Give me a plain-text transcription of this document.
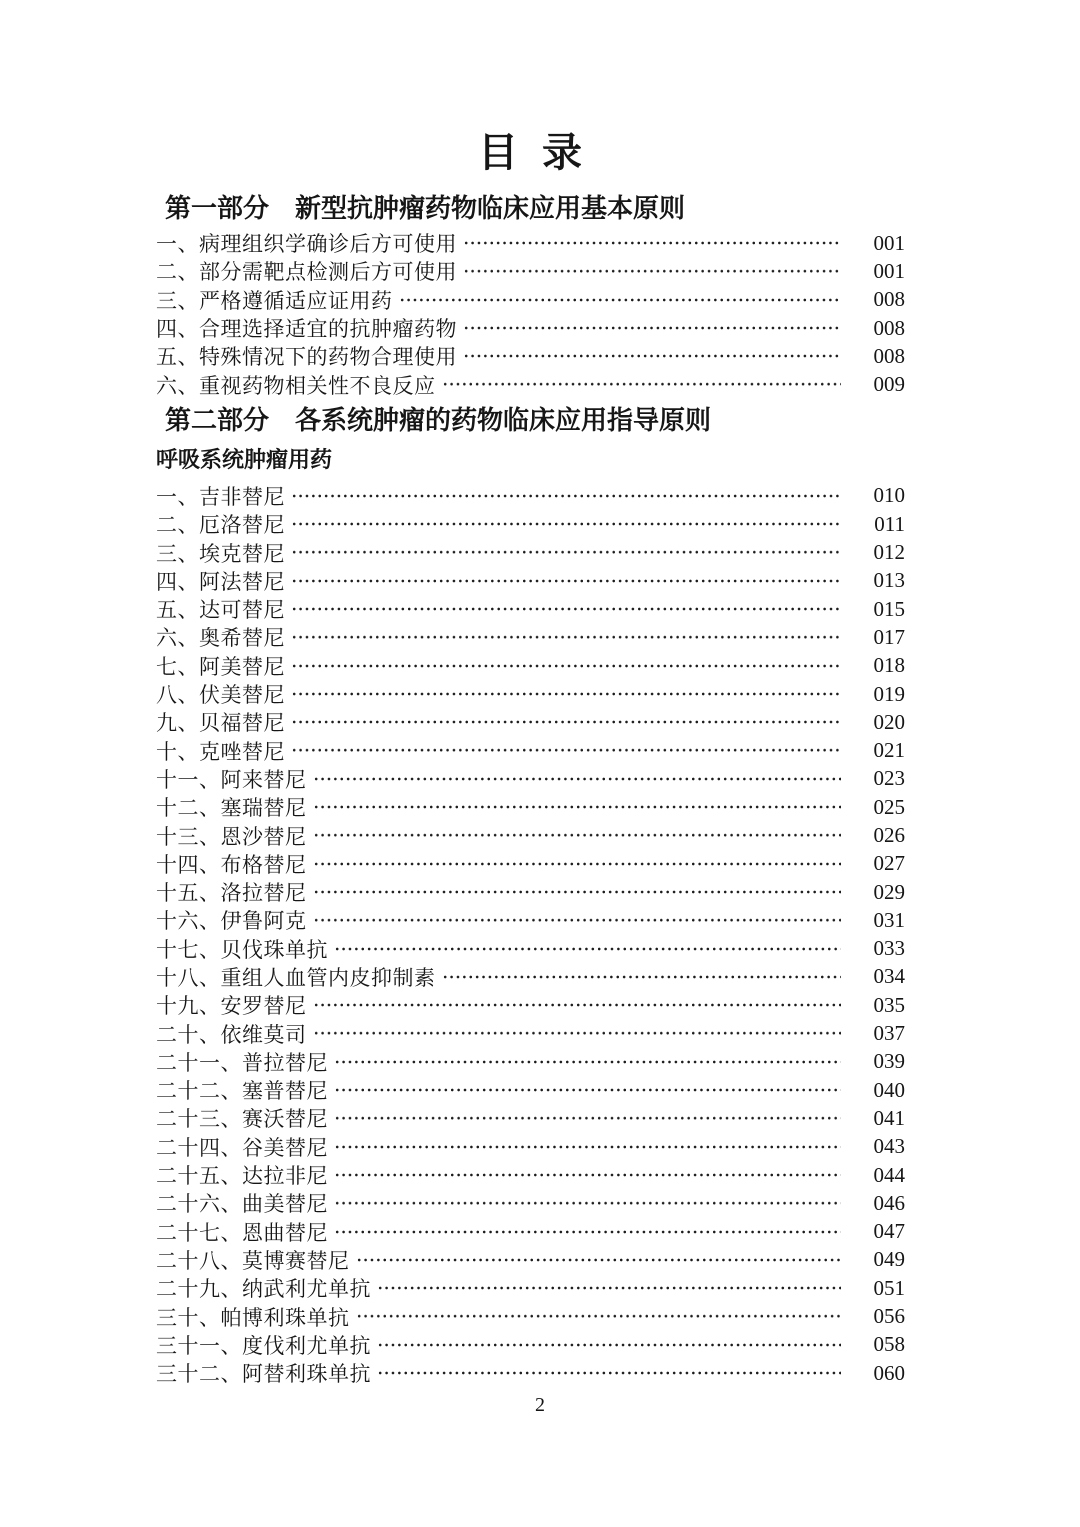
目 录
第一部分 新型抗肿瘤药物临床应用基本原则
一、病理组织学确诊后方可使用	001
二、部分需靶点检测后方可使用	001
三、严格遵循适应证用药	008
四、合理选择适宜的抗肿瘤药物	008
五、特殊情况下的药物合理使用	008
六、重视药物相关性不良反应	009
第二部分 各系统肿瘤的药物临床应用指导原则
呼吸系统肿瘤用药
一、吉非替尼	010
二、厄洛替尼	011
三、埃克替尼	012
四、阿法替尼	013
五、达可替尼	015
六、奥希替尼	017
七、阿美替尼	018
八、伏美替尼	019
九、贝福替尼	020
十、克唑替尼	021
十一、阿来替尼	023
十二、塞瑞替尼	025
十三、恩沙替尼	026
十四、布格替尼	027
十五、洛拉替尼	029
十六、伊鲁阿克	031
十七、贝伐珠单抗	033
十八、重组人血管内皮抑制素	034
十九、安罗替尼	035
二十、依维莫司	037
二十一、普拉替尼	039
二十二、塞普替尼	040
二十三、赛沃替尼	041
二十四、谷美替尼	043
二十五、达拉非尼	044
二十六、曲美替尼	046
二十七、恩曲替尼	047
二十八、莫博赛替尼	049
二十九、纳武利尤单抗	051
三十、帕博利珠单抗	056
三十一、度伐利尤单抗	058
三十二、阿替利珠单抗	060
2
